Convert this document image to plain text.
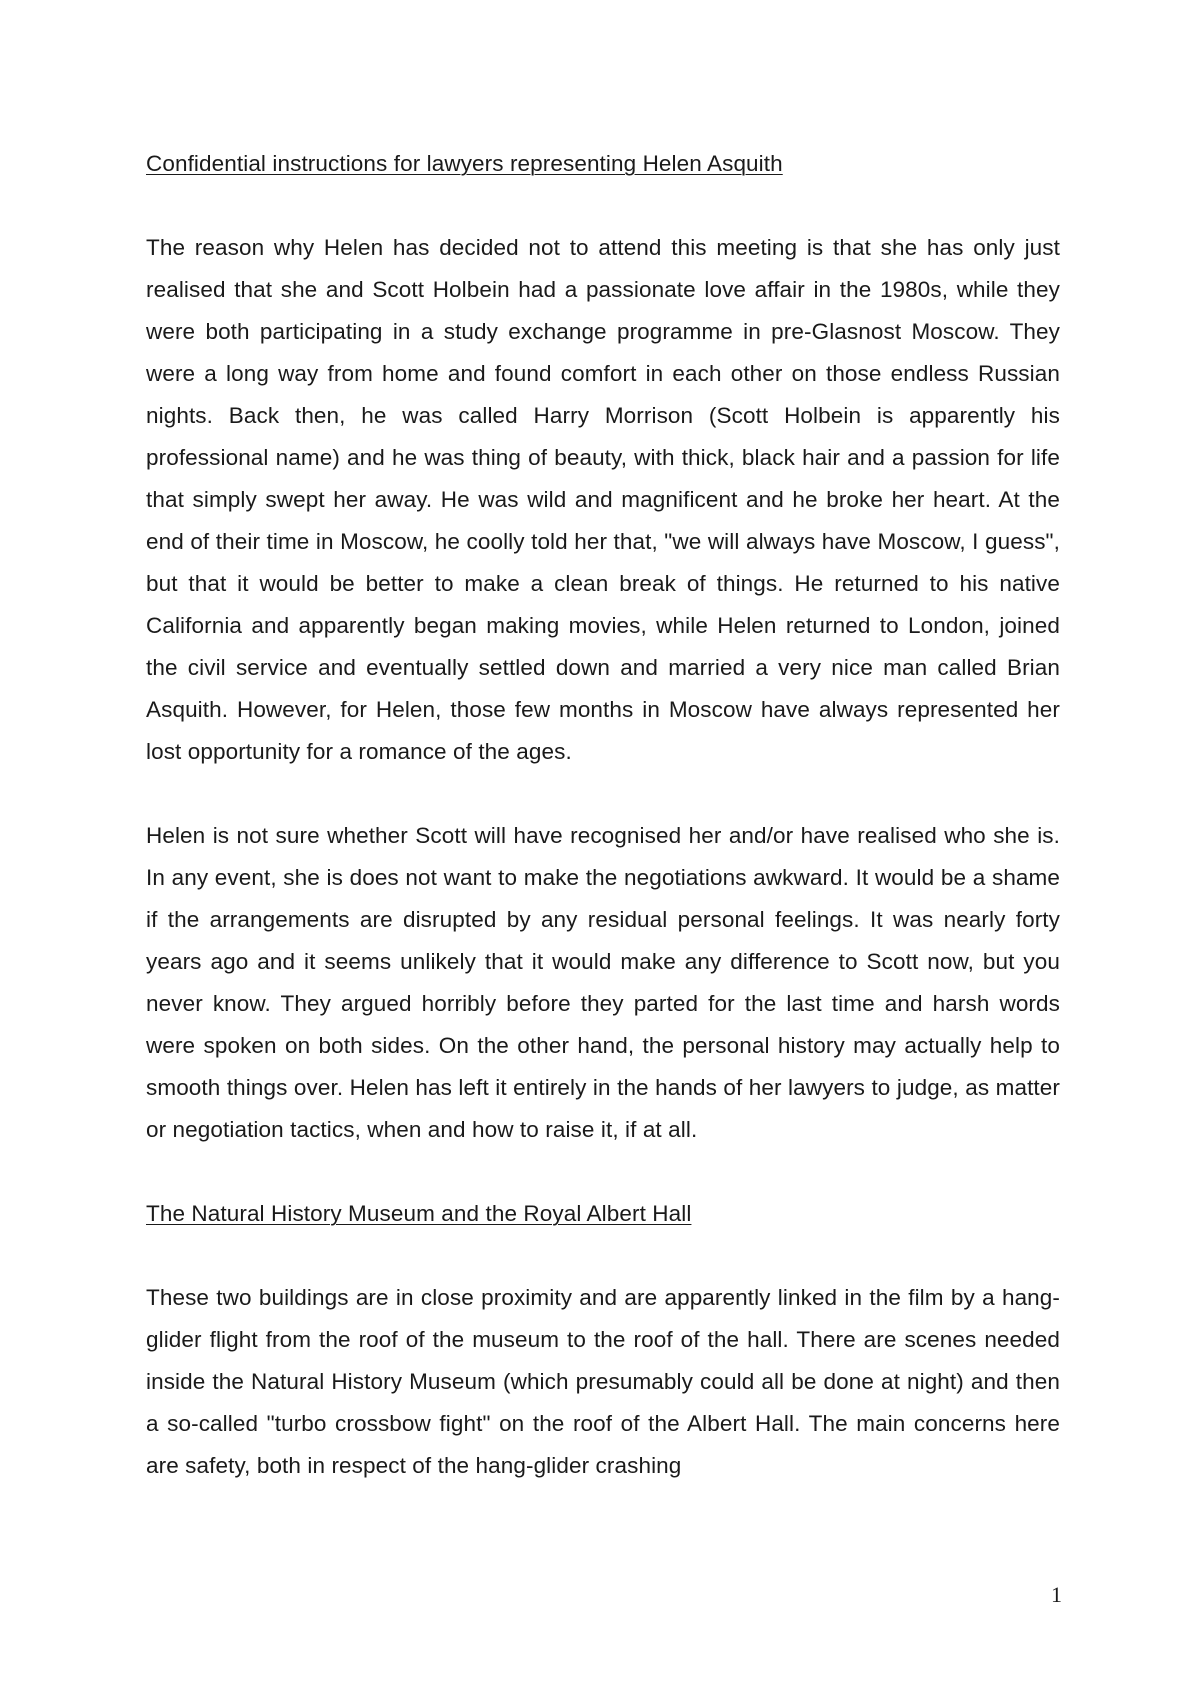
Confidential instructions for lawyers representing Helen Asquith
The reason why Helen has decided not to attend this meeting is that she has only just realised that she and Scott Holbein had a passionate love affair in the 1980s, while they were both participating in a study exchange programme in pre-Glasnost Moscow. They were a long way from home and found comfort in each other on those endless Russian nights. Back then, he was called Harry Morrison (Scott Holbein is apparently his professional name) and he was thing of beauty, with thick, black hair and a passion for life that simply swept her away. He was wild and magnificent and he broke her heart. At the end of their time in Moscow, he coolly told her that, "we will always have Moscow, I guess", but that it would be better to make a clean break of things. He returned to his native California and apparently began making movies, while Helen returned to London, joined the civil service and eventually settled down and married a very nice man called Brian Asquith. However, for Helen, those few months in Moscow have always represented her lost opportunity for a romance of the ages.
Helen is not sure whether Scott will have recognised her and/or have realised who she is. In any event, she is does not want to make the negotiations awkward. It would be a shame if the arrangements are disrupted by any residual personal feelings. It was nearly forty years ago and it seems unlikely that it would make any difference to Scott now, but you never know. They argued horribly before they parted for the last time and harsh words were spoken on both sides. On the other hand, the personal history may actually help to smooth things over. Helen has left it entirely in the hands of her lawyers to judge, as matter or negotiation tactics, when and how to raise it, if at all.
The Natural History Museum and the Royal Albert Hall
These two buildings are in close proximity and are apparently linked in the film by a hang-glider flight from the roof of the museum to the roof of the hall. There are scenes needed inside the Natural History Museum (which presumably could all be done at night) and then a so-called "turbo crossbow fight" on the roof of the Albert Hall. The main concerns here are safety, both in respect of the hang-glider crashing
1
